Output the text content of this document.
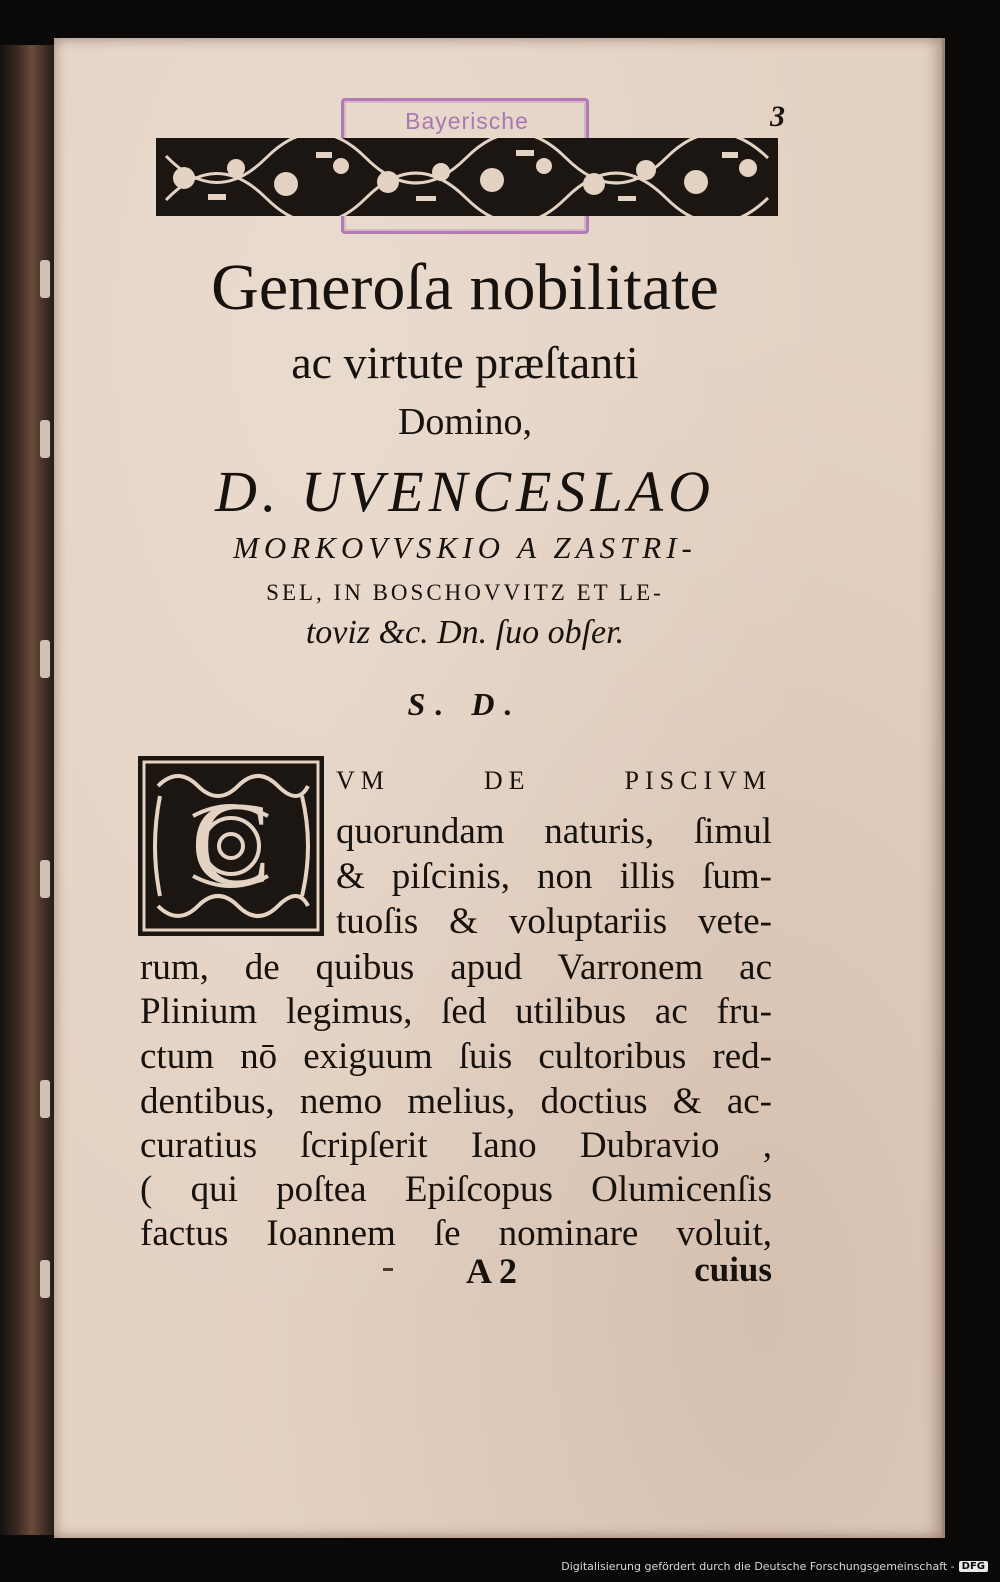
Bayerische	3
Generoſa nobilitate
ac virtute præſtanti
Domino,
D. UVENCESLAO
MORKOVVSKIO A ZASTRI-
SEL, IN BOSCHOVVITZ ET LE-
toviz &c. Dn. ſuo obſer.
S. D.
C VM DE PISCIVM
quorundam naturis, ſimul
& piſcinis, non illis ſum-
tuoſis & voluptariis vete-
rum, de quibus apud Varronem ac
Plinium legimus, ſed utilibus ac fru-
ctum nō exiguum ſuis cultoribus red-
dentibus, nemo melius, doctius & ac-
curatius ſcripſerit Iano Dubravio ,
( qui poſtea Epiſcopus Olumicenſis
factus Ioannem ſe nominare voluit,
A 2	cuius
Digitalisierung gefördert durch die Deutsche Forschungsgemeinschaft - DFG
